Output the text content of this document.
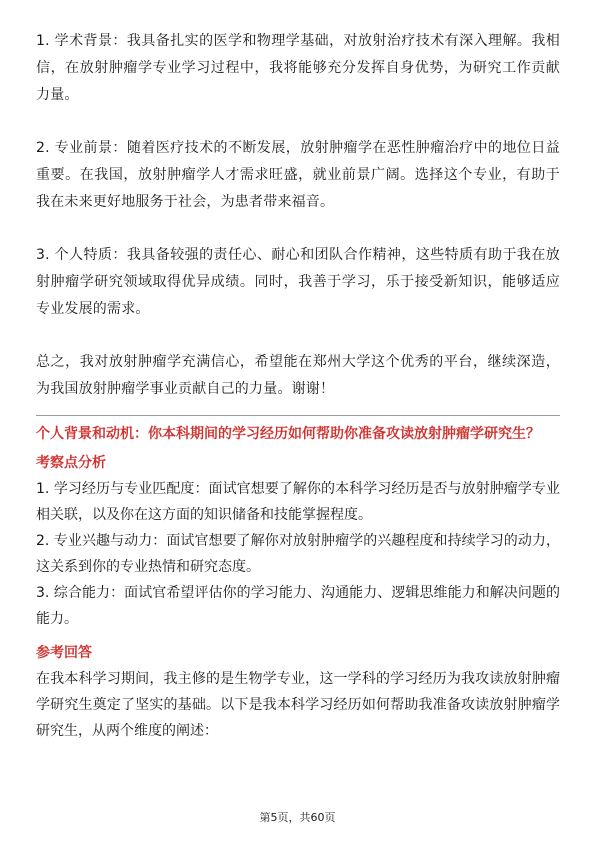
1. 学术背景：我具备扎实的医学和物理学基础，对放射治疗技术有深入理解。我相信，在放射肿瘤学专业学习过程中，我将能够充分发挥自身优势，为研究工作贡献力量。

2. 专业前景：随着医疗技术的不断发展，放射肿瘤学在恶性肿瘤治疗中的地位日益重要。在我国，放射肿瘤学人才需求旺盛，就业前景广阔。选择这个专业，有助于我在未来更好地服务于社会，为患者带来福音。

3. 个人特质：我具备较强的责任心、耐心和团队合作精神，这些特质有助于我在放射肿瘤学研究领域取得优异成绩。同时，我善于学习，乐于接受新知识，能够适应专业发展的需求。

总之，我对放射肿瘤学充满信心，希望能在郑州大学这个优秀的平台，继续深造，为我国放射肿瘤学事业贡献自己的力量。谢谢！

个人背景和动机：你本科期间的学习经历如何帮助你准备攻读放射肿瘤学研究生？

考察点分析

1. 学习经历与专业匹配度：面试官想要了解你的本科学习经历是否与放射肿瘤学专业相关联，以及你在这方面的知识储备和技能掌握程度。

2. 专业兴趣与动力：面试官想要了解你对放射肿瘤学的兴趣程度和持续学习的动力，这关系到你的专业热情和研究态度。

3. 综合能力：面试官希望评估你的学习能力、沟通能力、逻辑思维能力和解决问题的能力。

参考回答

在我本科学习期间，我主修的是生物学专业，这一学科的学习经历为我攻读放射肿瘤学研究生奠定了坚实的基础。以下是我本科学习经历如何帮助我准备攻读放射肿瘤学研究生，从两个维度的阐述：

第5页，共60页
